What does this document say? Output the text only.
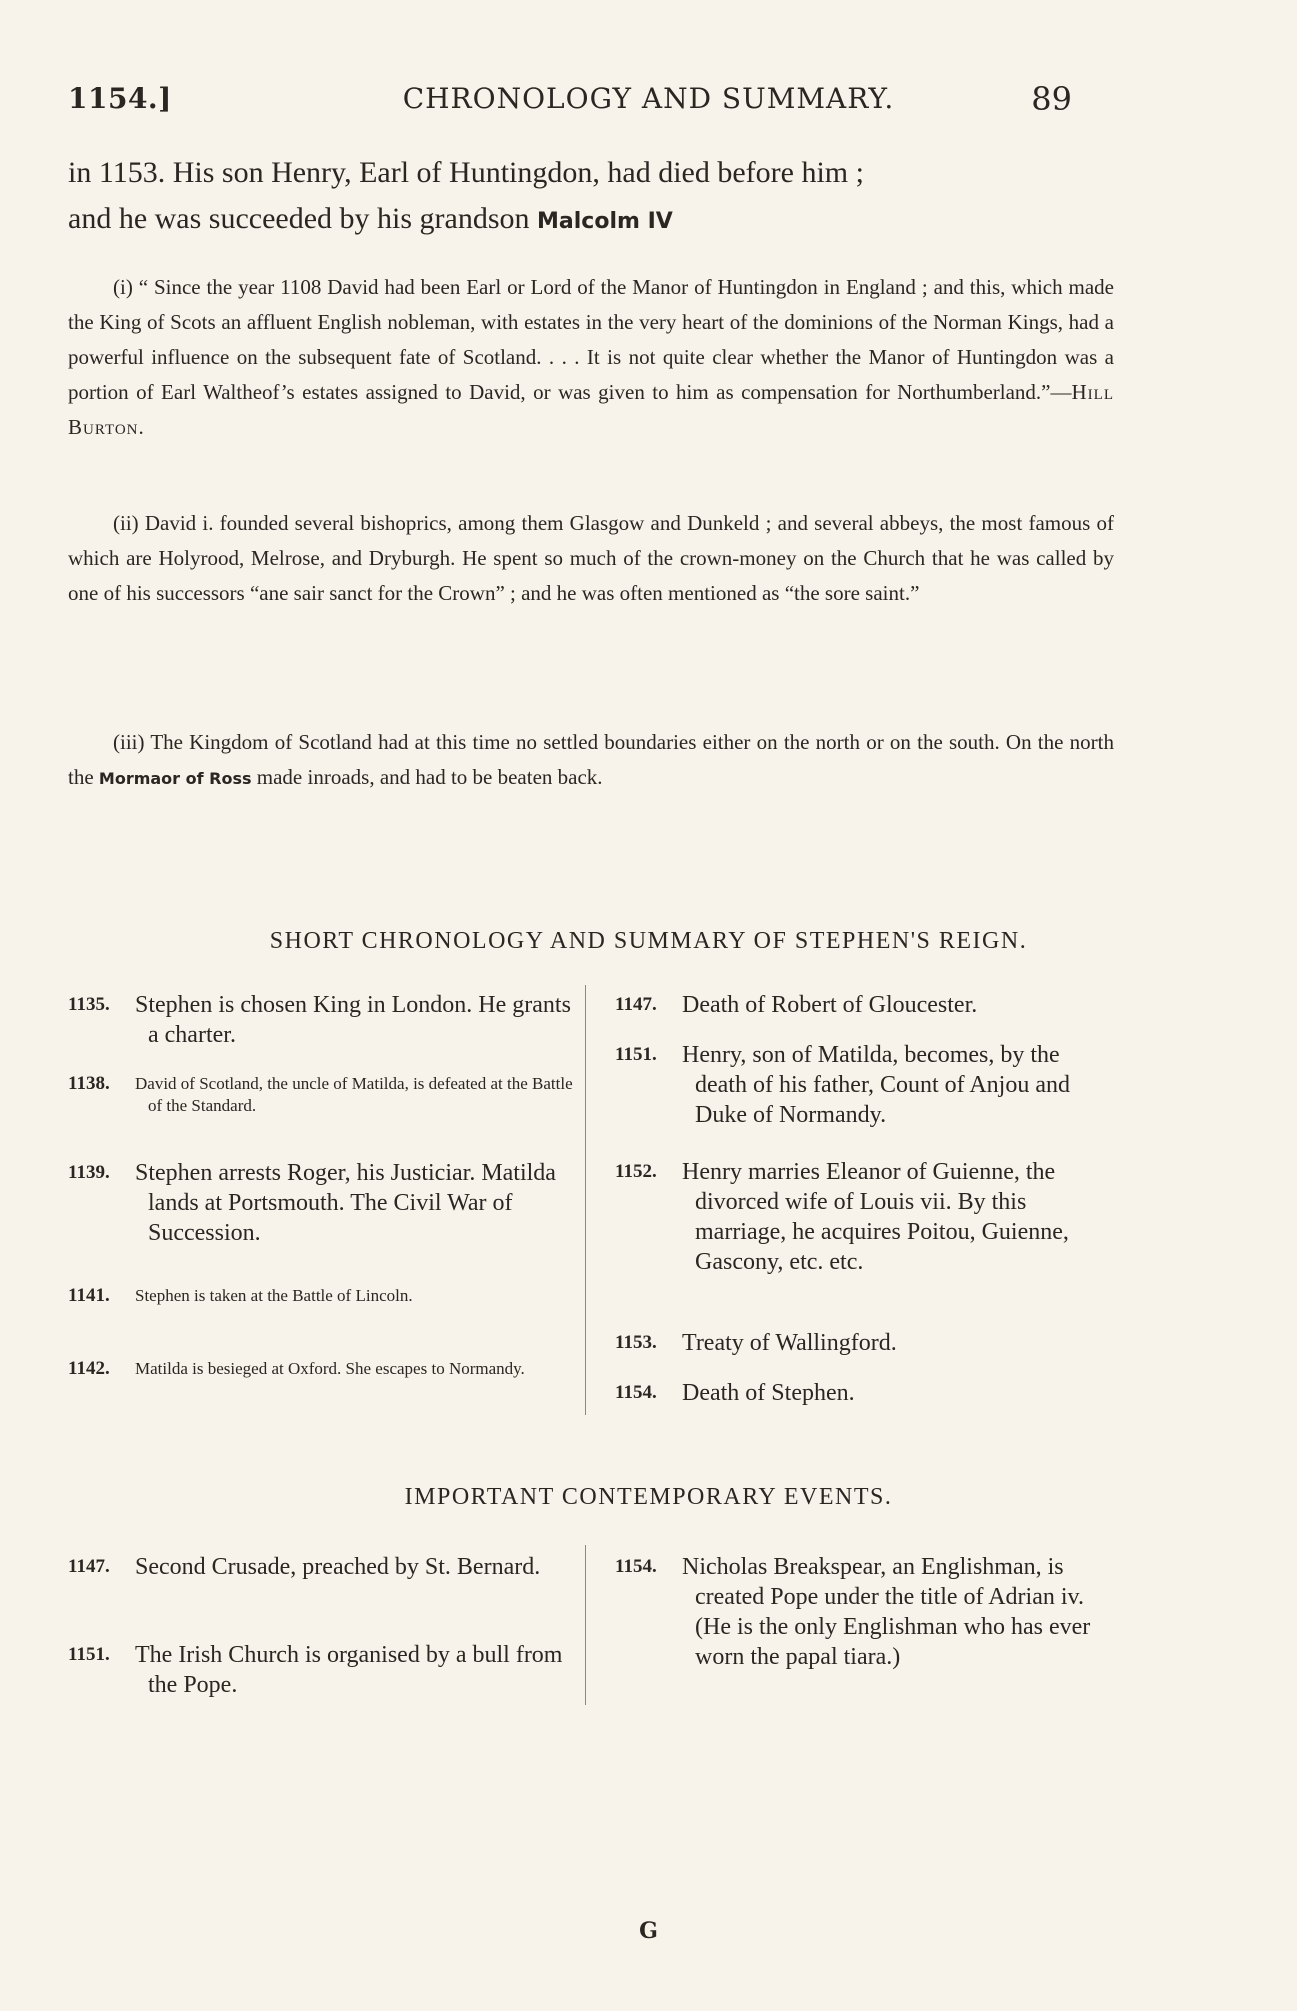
1154.]	CHRONOLOGY AND SUMMARY.	89
in 1153. His son Henry, Earl of Huntingdon, had died before him ;
and he was succeeded by his grandson Malcolm IV
(i) “ Since the year 1108 David had been Earl or Lord of the Manor of Huntingdon in England ; and this, which made the King of Scots an affluent English nobleman, with estates in the very heart of the dominions of the Norman Kings, had a powerful influence on the subsequent fate of Scotland. . . . It is not quite clear whether the Manor of Huntingdon was a portion of Earl Waltheof’s estates assigned to David, or was given to him as compensation for Northumberland.”—Hill Burton.
(ii) David i. founded several bishoprics, among them Glasgow and Dunkeld ; and several abbeys, the most famous of which are Holyrood, Melrose, and Dryburgh. He spent so much of the crown-money on the Church that he was called by one of his successors “ane sair sanct for the Crown” ; and he was often mentioned as “the sore saint.”
(iii) The Kingdom of Scotland had at this time no settled boundaries either on the north or on the south. On the north the Mormaor of Ross made inroads, and had to be beaten back.
SHORT CHRONOLOGY AND SUMMARY OF STEPHEN'S REIGN.
1135.	Stephen is chosen King in London. He grants a charter.
1138.	David of Scotland, the uncle of Matilda, is defeated at the Battle of the Standard.
1139.	Stephen arrests Roger, his Justiciar. Matilda lands at Portsmouth. The Civil War of Succession.
1141.	Stephen is taken at the Battle of Lincoln.
1142.	Matilda is besieged at Oxford. She escapes to Normandy.
1147.	Death of Robert of Gloucester.
1151.	Henry, son of Matilda, becomes, by the death of his father, Count of Anjou and Duke of Normandy.
1152.	Henry marries Eleanor of Guienne, the divorced wife of Louis vii. By this marriage, he acquires Poitou, Guienne, Gascony, etc. etc.
1153.	Treaty of Wallingford.
1154.	Death of Stephen.
IMPORTANT CONTEMPORARY EVENTS.
1147.	Second Crusade, preached by St. Bernard.
1151.	The Irish Church is organised by a bull from the Pope.
1154.	Nicholas Breakspear, an Englishman, is created Pope under the title of Adrian iv. (He is the only Englishman who has ever worn the papal tiara.)
G
